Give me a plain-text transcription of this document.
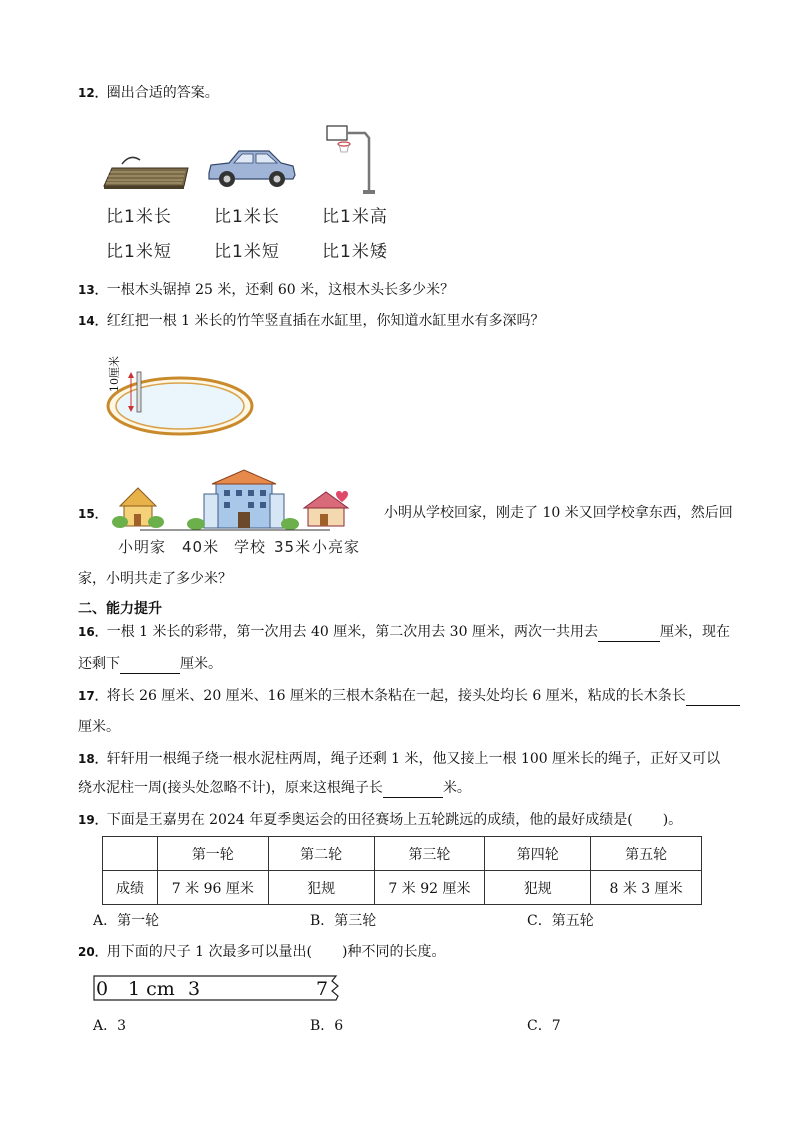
12．圈出合适的答案。
比1米长 比1米长 比1米高
比1米短 比1米短 比1米矮
13．一根木头锯掉 25 米，还剩 60 米，这根木头长多少米？
14．红红把一根 1 米长的竹竿竖直插在水缸里，你知道水缸里水有多深吗？
10厘米
15．
小明家 40米 学校 35米 小亮家
小明从学校回家，刚走了 10 米又回学校拿东西，然后回
家，小明共走了多少米？
二、能力提升
16．一根 1 米长的彩带，第一次用去 40 厘米，第二次用去 30 厘米，两次一共用去	厘米，现在
还剩下	厘米。
17．将长 26 厘米、20 厘米、16 厘米的三根木条粘在一起，接头处均长 6 厘米，粘成的长木条长
厘米。
18．轩轩用一根绳子绕一根水泥柱两周，绳子还剩 1 米，他又接上一根 100 厘米长的绳子，正好又可以
绕水泥柱一周(接头处忽略不计)，原来这根绳子长	米。
19．下面是王嘉男在 2024 年夏季奥运会的田径赛场上五轮跳远的成绩，他的最好成绩是( )。
	第一轮	第二轮	第三轮	第四轮	第五轮
成绩	7 米 96 厘米	犯规	7 米 92 厘米	犯规	8 米 3 厘米
A．第一轮	B．第三轮	C．第五轮
20．用下面的尺子 1 次最多可以量出( )种不同的长度。
0 1 cm 3	7
A．3	B．6	C．7
